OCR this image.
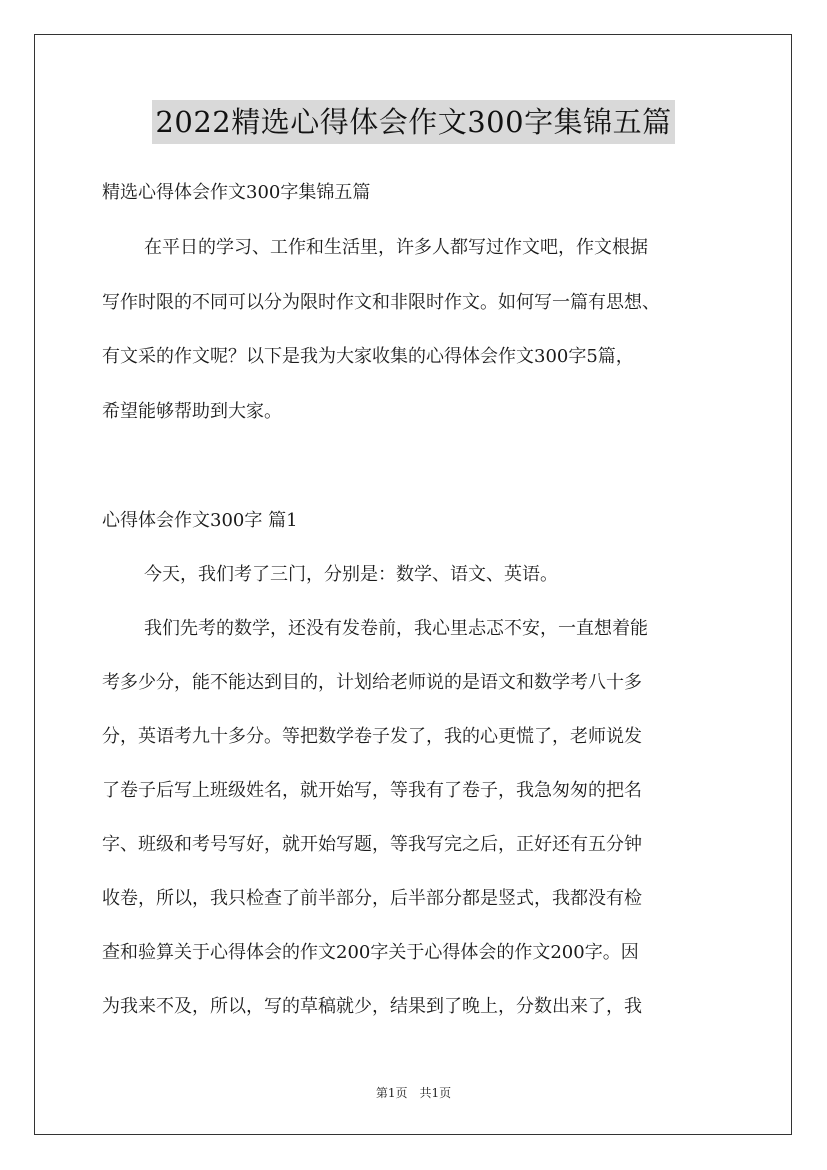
2022精选心得体会作文300字集锦五篇
精选心得体会作文300字集锦五篇
在平日的学习、工作和生活里，许多人都写过作文吧，作文根据
写作时限的不同可以分为限时作文和非限时作文。如何写一篇有思想、
有文采的作文呢？以下是我为大家收集的心得体会作文300字5篇，
希望能够帮助到大家。
心得体会作文300字 篇1
今天，我们考了三门，分别是：数学、语文、英语。
我们先考的数学，还没有发卷前，我心里忐忑不安，一直想着能
考多少分，能不能达到目的，计划给老师说的是语文和数学考八十多
分，英语考九十多分。等把数学卷子发了，我的心更慌了，老师说发
了卷子后写上班级姓名，就开始写，等我有了卷子，我急匆匆的把名
字、班级和考号写好，就开始写题，等我写完之后，正好还有五分钟
收卷，所以，我只检查了前半部分，后半部分都是竖式，我都没有检
查和验算关于心得体会的作文200字关于心得体会的作文200字。因
为我来不及，所以，写的草稿就少，结果到了晚上，分数出来了，我
第1页　共1页
